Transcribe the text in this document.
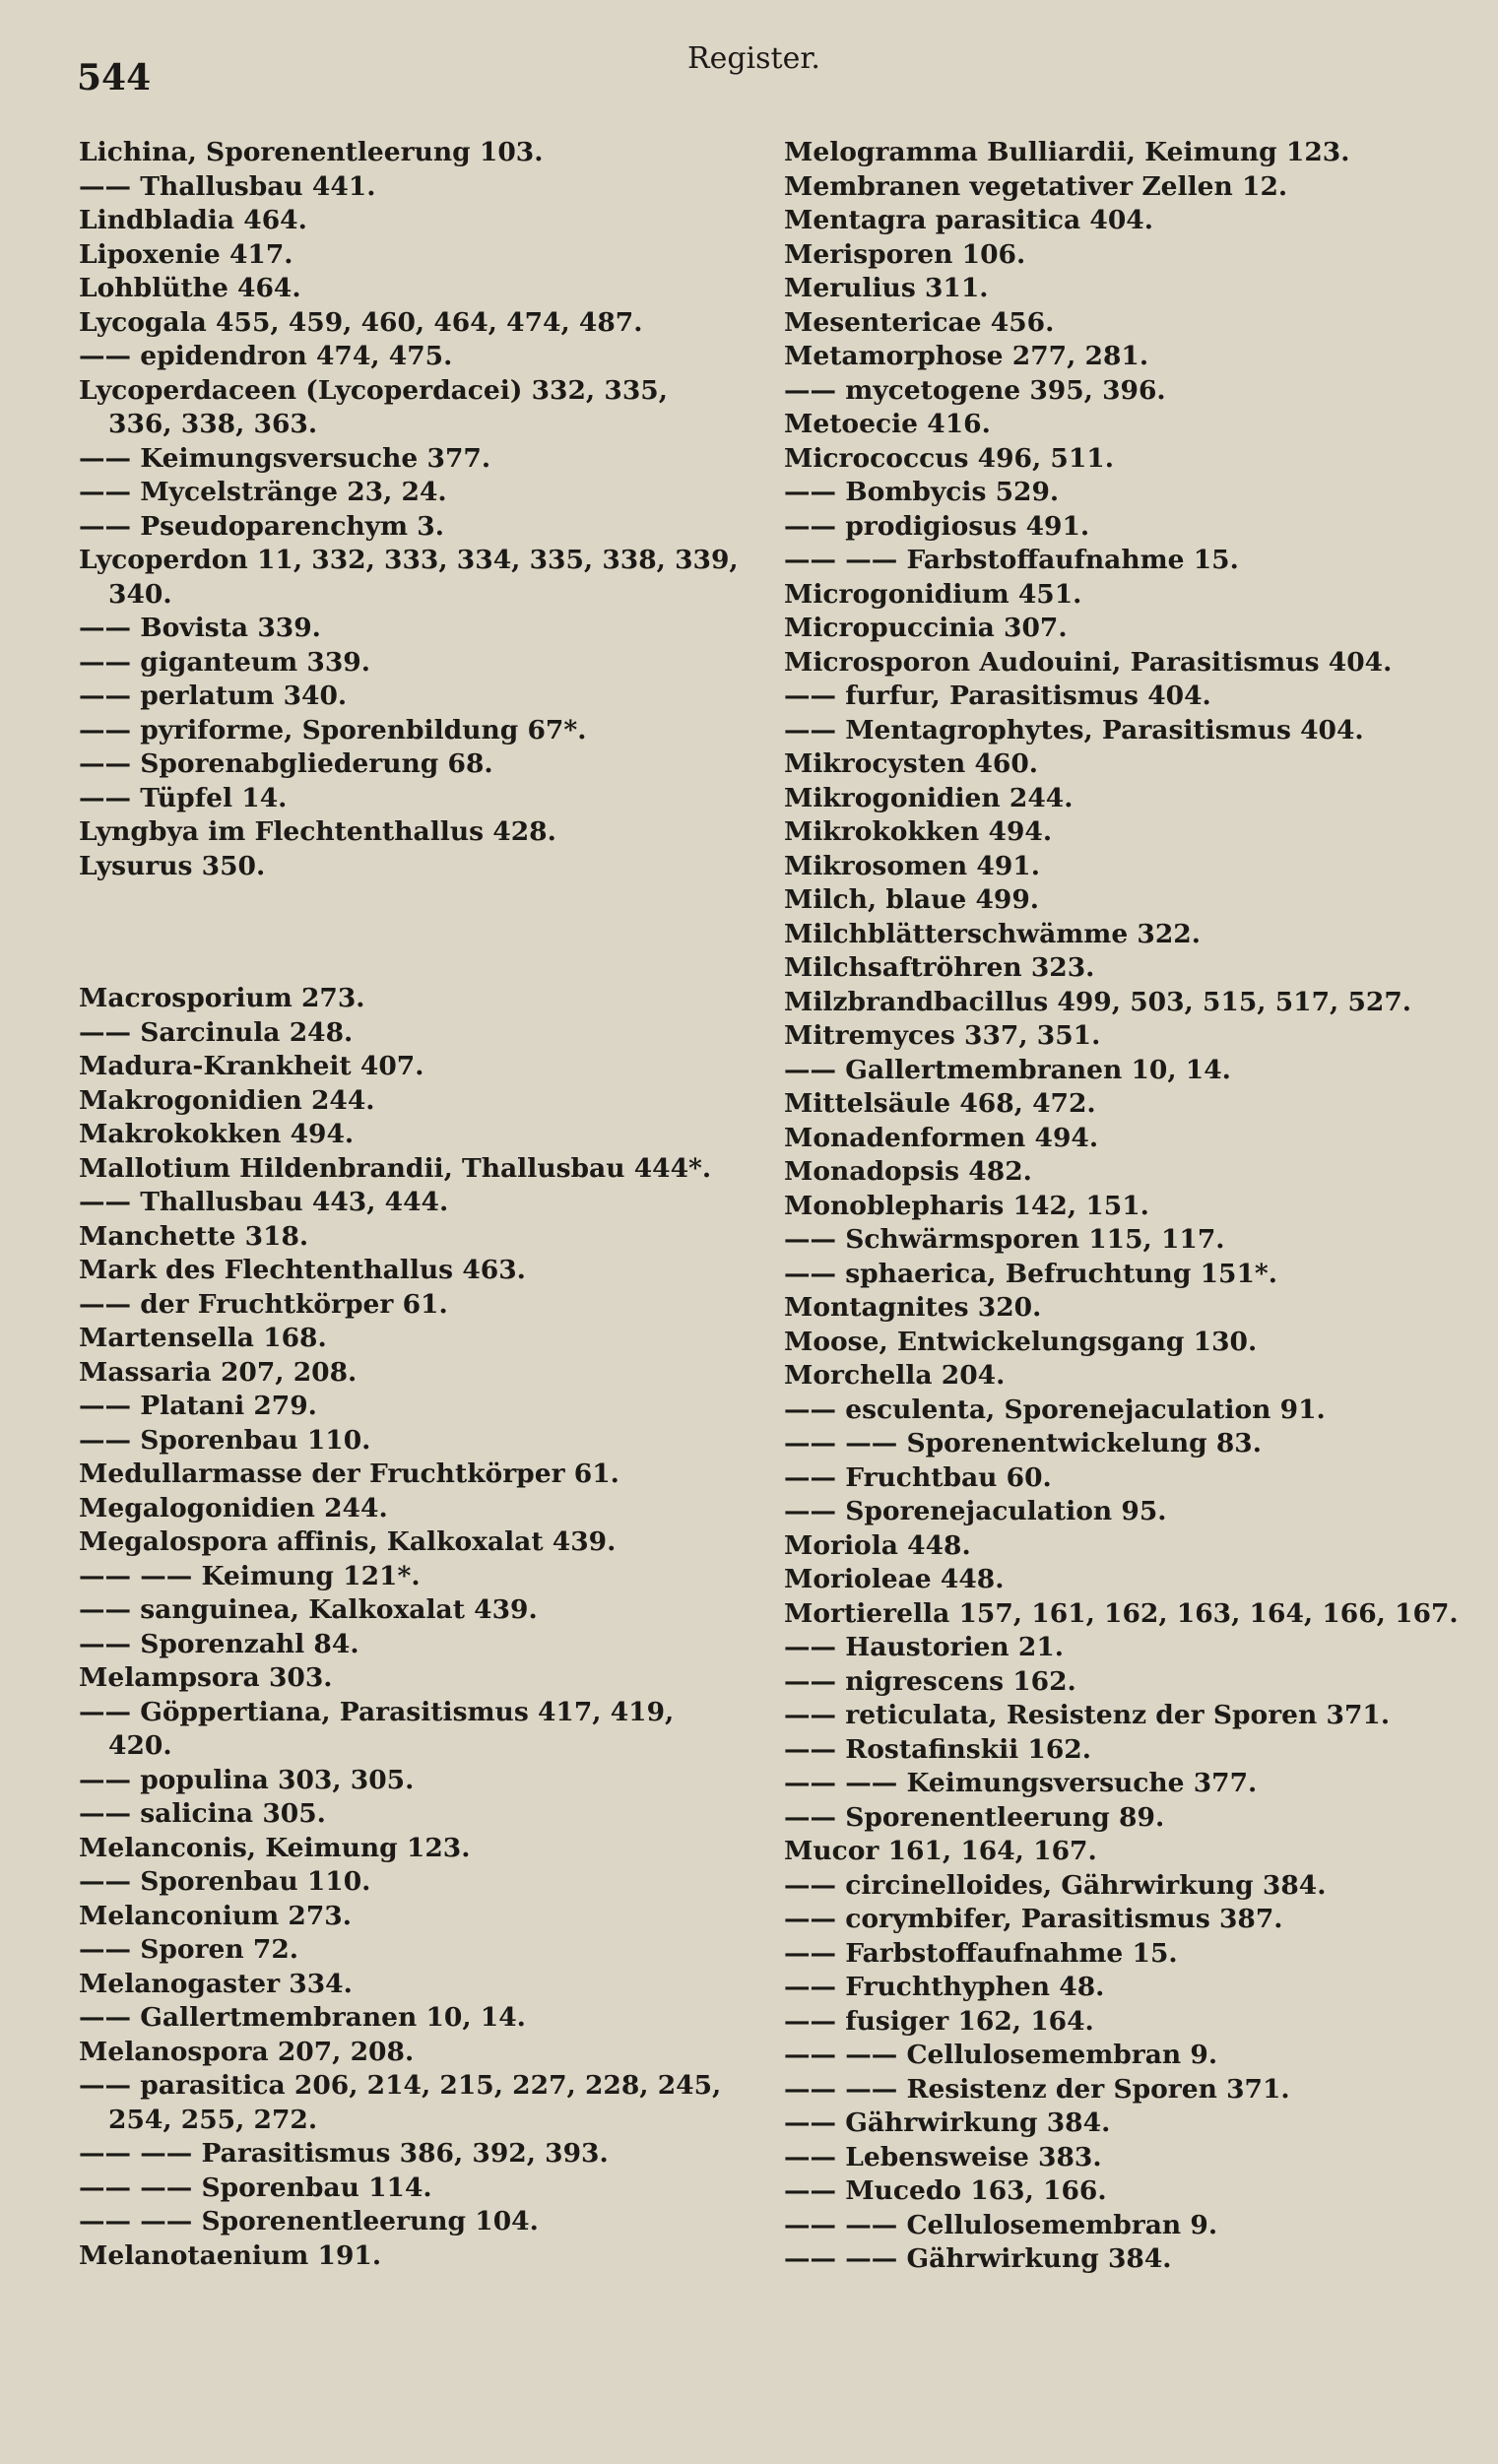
544	Register.
Lichina, Sporenentleerung 103.
—— Thallusbau 441.
Lindbladia 464.
Lipoxenie 417.
Lohblüthe 464.
Lycogala 455, 459, 460, 464, 474, 487.
—— epidendron 474, 475.
Lycoperdaceen (Lycoperdacei) 332, 335,
336, 338, 363.
—— Keimungsversuche 377.
—— Mycelstränge 23, 24.
—— Pseudoparenchym 3.
Lycoperdon 11, 332, 333, 334, 335, 338, 339,
340.
—— Bovista 339.
—— giganteum 339.
—— perlatum 340.
—— pyriforme, Sporenbildung 67*.
—— Sporenabgliederung 68.
—— Tüpfel 14.
Lyngbya im Flechtenthallus 428.
Lysurus 350.
Macrosporium 273.
—— Sarcinula 248.
Madura-Krankheit 407.
Makrogonidien 244.
Makrokokken 494.
Mallotium Hildenbrandii, Thallusbau 444*.
—— Thallusbau 443, 444.
Manchette 318.
Mark des Flechtenthallus 463.
—— der Fruchtkörper 61.
Martensella 168.
Massaria 207, 208.
—— Platani 279.
—— Sporenbau 110.
Medullarmasse der Fruchtkörper 61.
Megalogonidien 244.
Megalospora affinis, Kalkoxalat 439.
—— —— Keimung 121*.
—— sanguinea, Kalkoxalat 439.
—— Sporenzahl 84.
Melampsora 303.
—— Göppertiana, Parasitismus 417, 419,
420.
—— populina 303, 305.
—— salicina 305.
Melanconis, Keimung 123.
—— Sporenbau 110.
Melanconium 273.
—— Sporen 72.
Melanogaster 334.
—— Gallertmembranen 10, 14.
Melanospora 207, 208.
—— parasitica 206, 214, 215, 227, 228, 245,
254, 255, 272.
—— —— Parasitismus 386, 392, 393.
—— —— Sporenbau 114.
—— —— Sporenentleerung 104.
Melanotaenium 191.
Melogramma Bulliardii, Keimung 123.
Membranen vegetativer Zellen 12.
Mentagra parasitica 404.
Merisporen 106.
Merulius 311.
Mesentericae 456.
Metamorphose 277, 281.
—— mycetogene 395, 396.
Metoecie 416.
Micrococcus 496, 511.
—— Bombycis 529.
—— prodigiosus 491.
—— —— Farbstoffaufnahme 15.
Microgonidium 451.
Micropuccinia 307.
Microsporon Audouini, Parasitismus 404.
—— furfur, Parasitismus 404.
—— Mentagrophytes, Parasitismus 404.
Mikrocysten 460.
Mikrogonidien 244.
Mikrokokken 494.
Mikrosomen 491.
Milch, blaue 499.
Milchblätterschwämme 322.
Milchsaftröhren 323.
Milzbrandbacillus 499, 503, 515, 517, 527.
Mitremyces 337, 351.
—— Gallertmembranen 10, 14.
Mittelsäule 468, 472.
Monadenformen 494.
Monadopsis 482.
Monoblepharis 142, 151.
—— Schwärmsporen 115, 117.
—— sphaerica, Befruchtung 151*.
Montagnites 320.
Moose, Entwickelungsgang 130.
Morchella 204.
—— esculenta, Sporenejaculation 91.
—— —— Sporenentwickelung 83.
—— Fruchtbau 60.
—— Sporenejaculation 95.
Moriola 448.
Morioleae 448.
Mortierella 157, 161, 162, 163, 164, 166, 167.
—— Haustorien 21.
—— nigrescens 162.
—— reticulata, Resistenz der Sporen 371.
—— Rostafinskii 162.
—— —— Keimungsversuche 377.
—— Sporenentleerung 89.
Mucor 161, 164, 167.
—— circinelloides, Gährwirkung 384.
—— corymbifer, Parasitismus 387.
—— Farbstoffaufnahme 15.
—— Fruchthyphen 48.
—— fusiger 162, 164.
—— —— Cellulosemembran 9.
—— —— Resistenz der Sporen 371.
—— Gährwirkung 384.
—— Lebensweise 383.
—— Mucedo 163, 166.
—— —— Cellulosemembran 9.
—— —— Gährwirkung 384.
